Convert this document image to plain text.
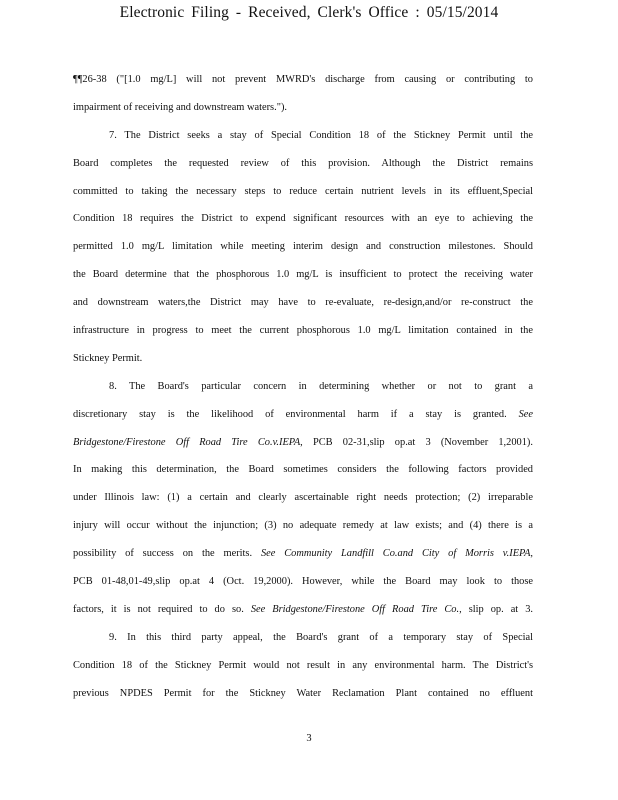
Electronic Filing - Received, Clerk's Office : 05/15/2014
¶¶26-38 ("[1.0 mg/L] will not prevent MWRD's discharge from causing or contributing to
impairment of receiving and downstream waters.").
7. The District seeks a stay of Special Condition 18 of the Stickney Permit until the
Board completes the requested review of this provision. Although the District remains
committed to taking the necessary steps to reduce certain nutrient levels in its effluent,Special
Condition 18 requires the District to expend significant resources with an eye to achieving the
permitted 1.0 mg/L limitation while meeting interim design and construction milestones. Should
the Board determine that the phosphorous 1.0 mg/L is insufficient to protect the receiving water
and downstream waters,the District may have to re-evaluate, re-design,and/or re-construct the
infrastructure in progress to meet the current phosphorous 1.0 mg/L limitation contained in the
Stickney Permit.
8. The Board's particular concern in determining whether or not to grant a
discretionary stay is the likelihood of environmental harm if a stay is granted. See
Bridgestone/Firestone Off Road Tire Co.v.IEPA, PCB 02-31,slip op.at 3 (November 1,2001).
In making this determination, the Board sometimes considers the following factors provided
under Illinois law: (1) a certain and clearly ascertainable right needs protection; (2) irreparable
injury will occur without the injunction; (3) no adequate remedy at law exists; and (4) there is a
possibility of success on the merits. See Community Landfill Co.and City of Morris v.IEPA,
PCB 01-48,01-49,slip op.at 4 (Oct. 19,2000). However, while the Board may look to those
factors, it is not required to do so. See Bridgestone/Firestone Off Road Tire Co., slip op. at 3.
9. In this third party appeal, the Board's grant of a temporary stay of Special
Condition 18 of the Stickney Permit would not result in any environmental harm. The District's
previous NPDES Permit for the Stickney Water Reclamation Plant contained no effluent
3
